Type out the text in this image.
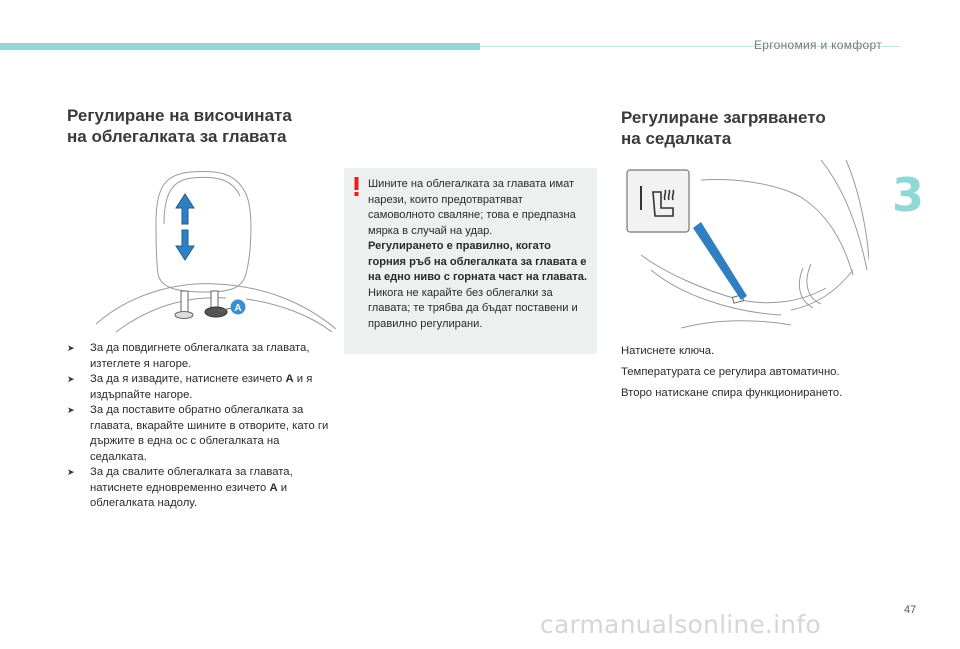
Ергономия и комфорт
3
Регулиране на височината
на облегалката за главата
A
➤ За да повдигнете облегалката за главата, изтеглете я нагоре.
➤ За да я извадите, натиснете езичето A и я издърпайте нагоре.
➤ За да поставите обратно облегалката за главата, вкарайте шините в отворите, като ги държите в една ос с облегалката на седалката.
➤ За да свалите облегалката за главата, натиснете едновременно езичето A и облегалката надолу.

Шините на облегалката за главата имат нарези, които предотвратяват самоволното сваляне; това е предпазна мярка в случай на удар.

Регулирането е правилно, когато горния ръб на облегалката за главата е на едно ниво с горната част на главата.

Никога не карайте без облегалки за главата; те трябва да бъдат поставени и правилно регулирани.

Регулиране загряването
на седалката

Натиснете ключа.

Температурата се регулира автоматично.

Второ натискане спира функционирането.

47
carmanualsonline.info
